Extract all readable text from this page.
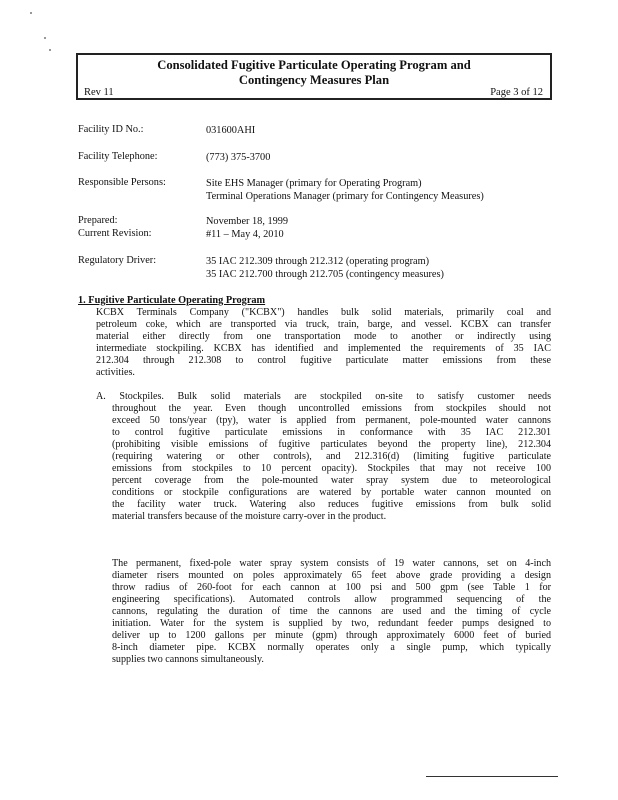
Consolidated Fugitive Particulate Operating Program and
Contingency Measures Plan
Rev 11	Page 3 of 12
Facility ID No.:	031600AHI
Facility Telephone:	(773) 375-3700
Responsible Persons:	Site EHS Manager (primary for Operating Program)
Terminal Operations Manager (primary for Contingency Measures)
Prepared:	November 18, 1999
Current Revision:	#11 – May 4, 2010
Regulatory Driver:	35 IAC 212.309 through 212.312 (operating program)
35 IAC 212.700 through 212.705 (contingency measures)
1. Fugitive Particulate Operating Program
KCBX Terminals Company ("KCBX") handles bulk solid materials, primarily coal and
petroleum coke, which are transported via truck, train, barge, and vessel. KCBX can transfer
material either directly from one transportation mode to another or indirectly using
intermediate stockpiling. KCBX has identified and implemented the requirements of 35 IAC
212.304 through 212.308 to control fugitive particulate matter emissions from these
activities.
A. Stockpiles. Bulk solid materials are stockpiled on-site to satisfy customer needs
throughout the year. Even though uncontrolled emissions from stockpiles should not
exceed 50 tons/year (tpy), water is applied from permanent, pole-mounted water cannons
to control fugitive particulate emissions in conformance with 35 IAC 212.301
(prohibiting visible emissions of fugitive particulates beyond the property line), 212.304
(requiring watering or other controls), and 212.316(d) (limiting fugitive particulate
emissions from stockpiles to 10 percent opacity). Stockpiles that may not receive 100
percent coverage from the pole-mounted water spray system due to meteorological
conditions or stockpile configurations are watered by portable water cannon mounted on
the facility water truck. Watering also reduces fugitive emissions from bulk solid
material transfers because of the moisture carry-over in the product.
The permanent, fixed-pole water spray system consists of 19 water cannons, set on 4-inch
diameter risers mounted on poles approximately 65 feet above grade providing a design
throw radius of 260-foot for each cannon at 100 psi and 500 gpm (see Table 1 for
engineering specifications). Automated controls allow programmed sequencing of the
cannons, regulating the duration of time the cannons are used and the timing of cycle
initiation. Water for the system is supplied by two, redundant feeder pumps designed to
deliver up to 1200 gallons per minute (gpm) through approximately 6000 feet of buried
8-inch diameter pipe. KCBX normally operates only a single pump, which typically
supplies two cannons simultaneously.
